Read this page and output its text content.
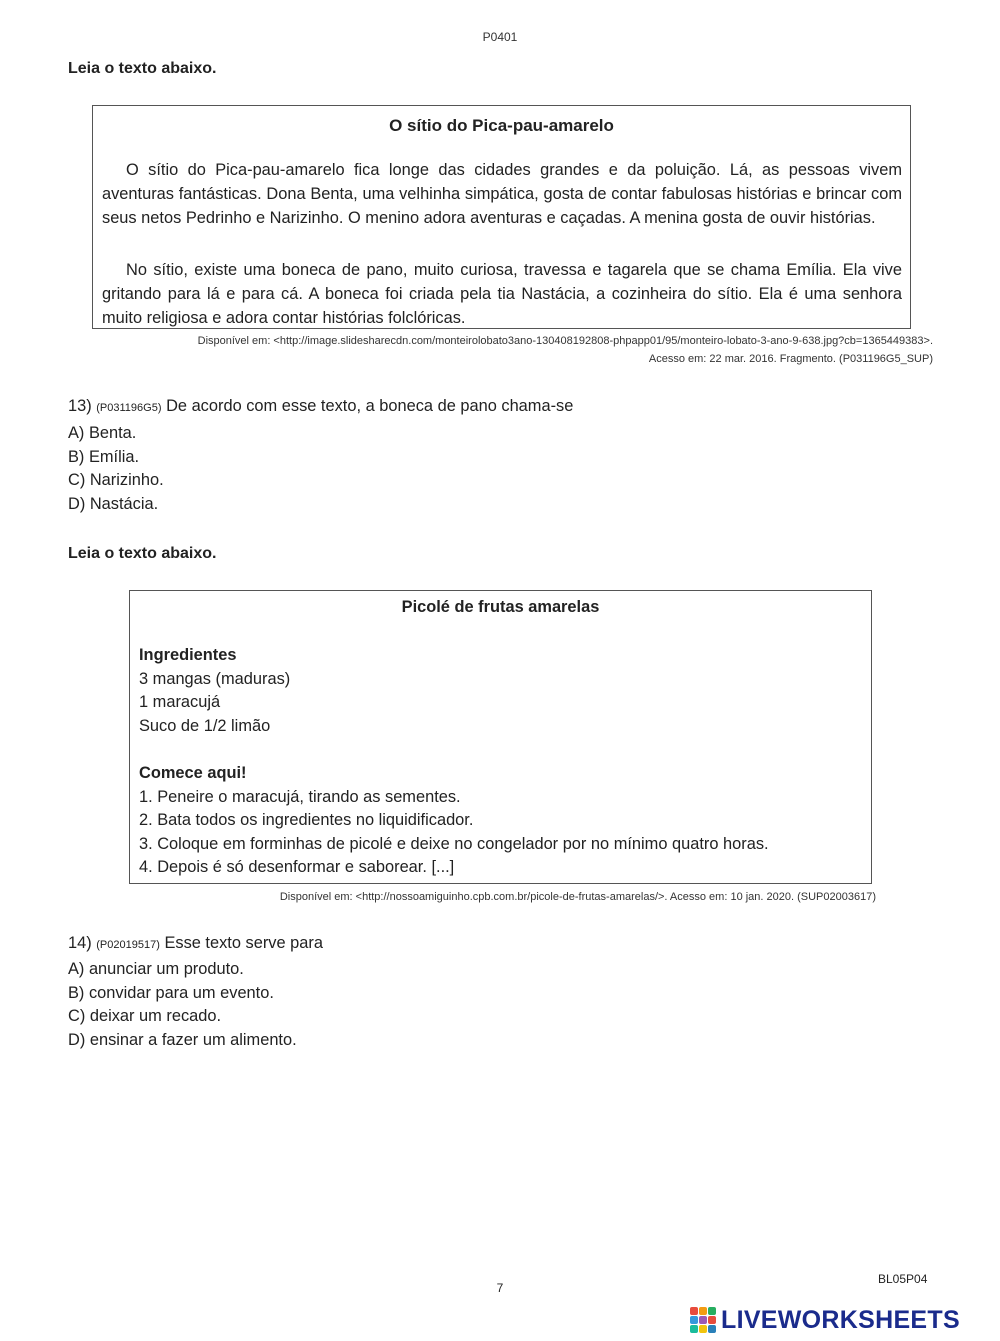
P0401
Leia o texto abaixo.
O sítio do Pica-pau-amarelo
O sítio do Pica-pau-amarelo fica longe das cidades grandes e da poluição. Lá, as pessoas vivem aventuras fantásticas. Dona Benta, uma velhinha simpática, gosta de contar fabulosas histórias e brincar com seus netos Pedrinho e Narizinho. O menino adora aventuras e caçadas. A menina gosta de ouvir histórias.
No sítio, existe uma boneca de pano, muito curiosa, travessa e tagarela que se chama Emília. Ela vive gritando para lá e para cá. A boneca foi criada pela tia Nastácia, a cozinheira do sítio. Ela é uma senhora muito religiosa e adora contar histórias folclóricas.
Disponível em: <http://image.slidesharecdn.com/monteirolobato3ano-130408192808-phpapp01/95/monteiro-lobato-3-ano-9-638.jpg?cb=1365449383>.
Acesso em: 22 mar. 2016. Fragmento. (P031196G5_SUP)
13) (P031196G5) De acordo com esse texto, a boneca de pano chama-se
A) Benta.
B) Emília.
C) Narizinho.
D) Nastácia.
Leia o texto abaixo.
Picolé de frutas amarelas
Ingredientes
3 mangas (maduras)
1 maracujá
Suco de 1/2 limão
Comece aqui!
1. Peneire o maracujá, tirando as sementes.
2. Bata todos os ingredientes no liquidificador.
3. Coloque em forminhas de picolé e deixe no congelador por no mínimo quatro horas.
4. Depois é só desenformar e saborear. [...]
Disponível em: <http://nossoamiguinho.cpb.com.br/picole-de-frutas-amarelas/>. Acesso em: 10 jan. 2020. (SUP02003617)
14) (P02019517) Esse texto serve para
A) anunciar um produto.
B) convidar para um evento.
C) deixar um recado.
D) ensinar a fazer um alimento.
7
BL05P04
LIVEWORKSHEETS
